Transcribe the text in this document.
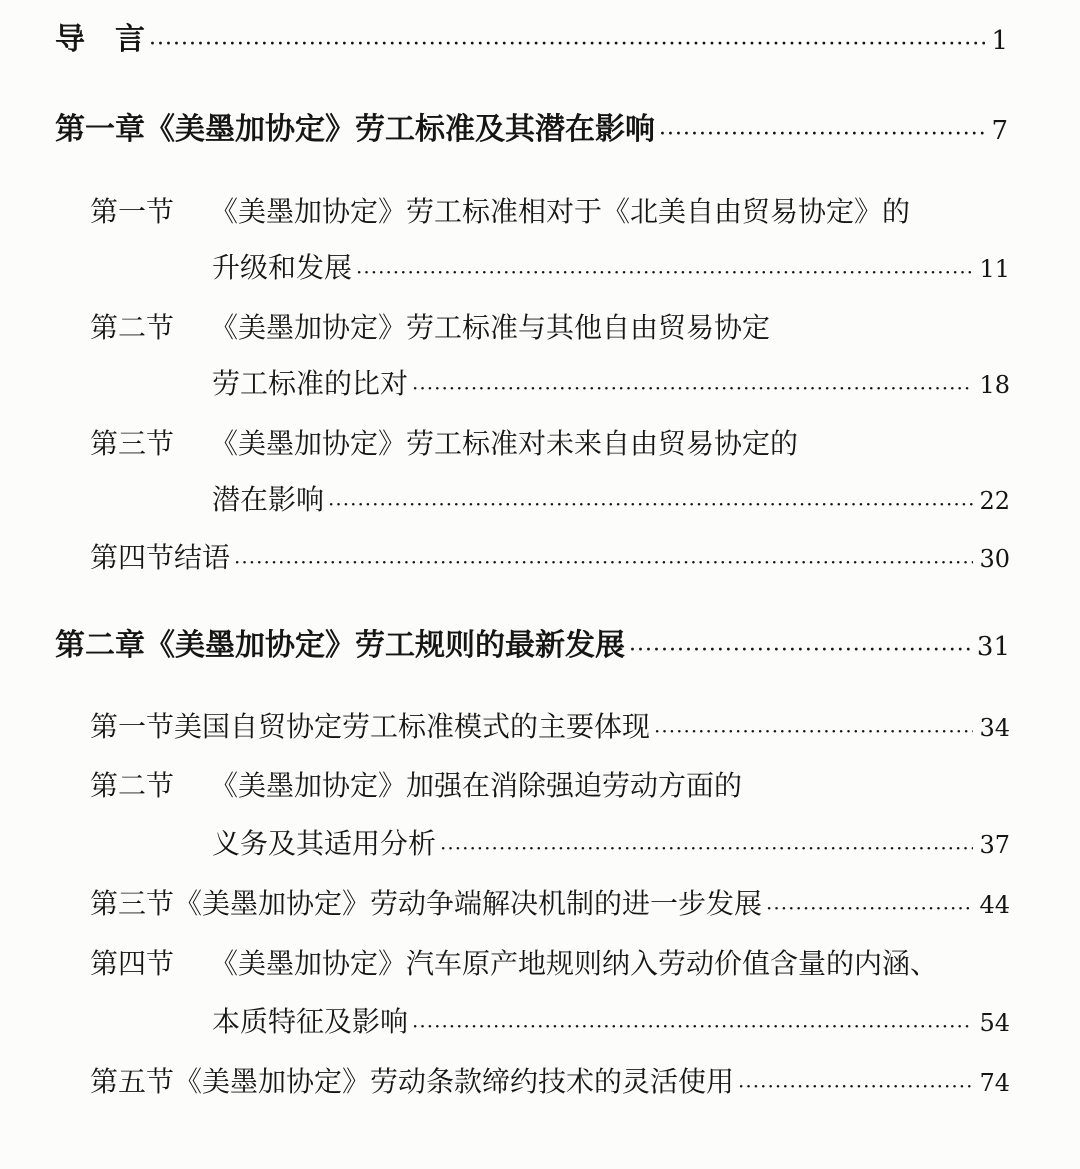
导　言 ·····	1
第一章 《美墨加协定》劳工标准及其潜在影响 ·····	7
第一节	《美墨加协定》劳工标准相对于《北美自由贸易协定》的
升级和发展 ·····	11
第二节	《美墨加协定》劳工标准与其他自由贸易协定
劳工标准的比对 ·····	18
第三节	《美墨加协定》劳工标准对未来自由贸易协定的
潜在影响 ·····	22
第四节 结语 ·····	30
第二章 《美墨加协定》劳工规则的最新发展 ·····	31
第一节 美国自贸协定劳工标准模式的主要体现 ·····	34
第二节	《美墨加协定》加强在消除强迫劳动方面的
义务及其适用分析 ·····	37
第三节 《美墨加协定》劳动争端解决机制的进一步发展 ·····	44
第四节	《美墨加协定》汽车原产地规则纳入劳动价值含量的内涵、
本质特征及影响 ·····	54
第五节 《美墨加协定》劳动条款缔约技术的灵活使用 ·····	74
